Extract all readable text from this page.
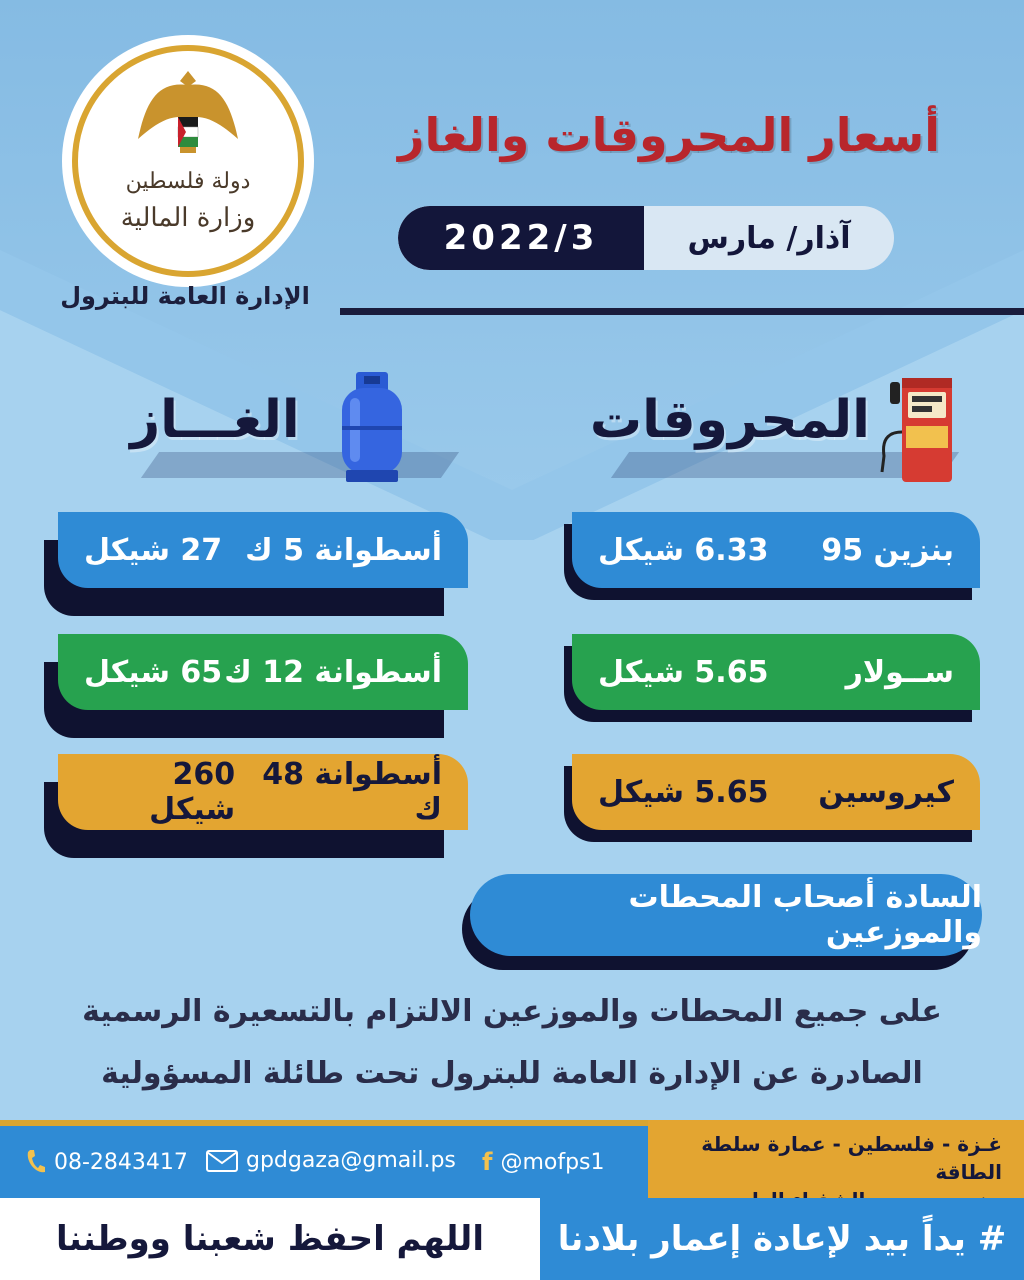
دولة فلسطين
وزارة المالية
الإدارة العامة للبترول
أسعار المحروقات والغاز
2022/3	آذار/ مارس
المحروقات
الغـــاز
بنزين 95
6.33 شيكل
ســولار
5.65 شيكل
كيروسين
5.65 شيكل
أسطوانة 5 ك
27 شيكل
أسطوانة 12 ك
65 شيكل
أسطوانة 48 ك
260 شيكل
السادة أصحاب المحطات والموزعين
على جميع المحطات والموزعين الالتزام بالتسعيرة الرسمية
الصادرة عن الإدارة العامة للبترول تحت طائلة المسؤولية
غـزة - فلسطين - عمارة سلطة الطاقة
08-2843417	gpdgaza@gmail.ps f @mofps1
اللهم احفظ شعبنا ووطننا	# يداً بيد لإعادة إعمار بلادنا
